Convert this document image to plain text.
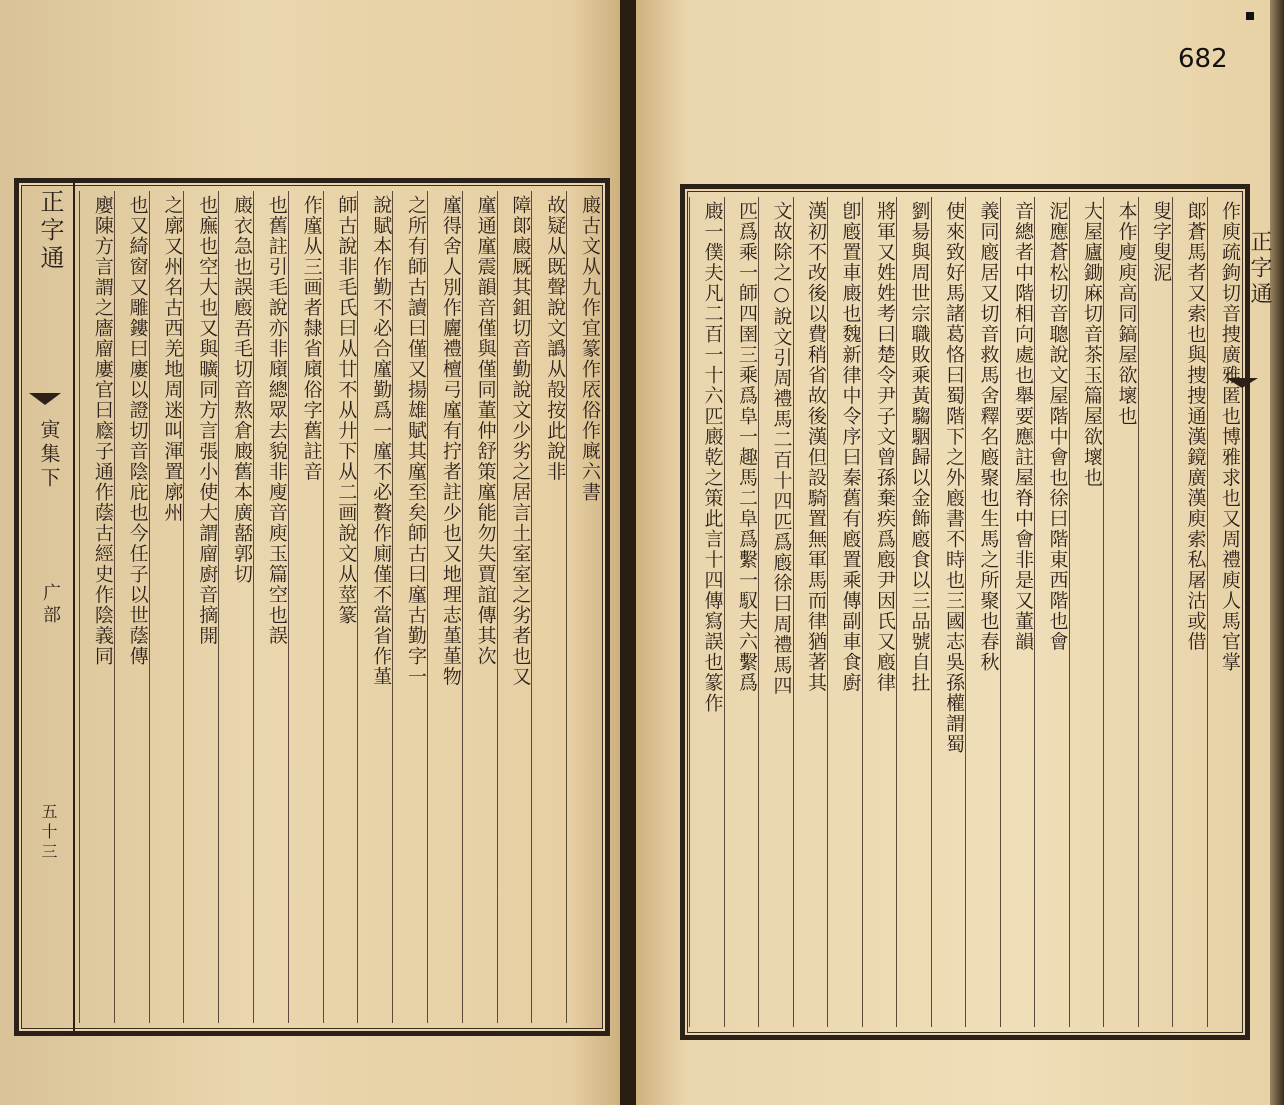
682
作庾疏鉤切音捜廣雅匿也博雅求也又周禮庾人馬官掌
郞蒼馬者又索也與捜捜通漢鏡廣漢庾索私屠沽或借
叟字叟泥
本作廋庾高同鎬屋欲壞也
大屋廬鋤麻切音茶玉篇屋欲壞也
泥應蒼松切音聰說文屋階中會也徐曰階東西階也會
音總者中階相向處也舉要應註屋脊中會非是又董韻
義同廏居又切音救馬舍釋名廏聚也生馬之所聚也春秋
使來致好馬諸葛恪曰蜀階下之外廏書不時也三國志吳孫權謂蜀
劉昜與周世宗職敗乘黃騶駰歸以金飾廏食以三品號自扗
將軍又姓姓考曰楚令尹子文曾孫棄疾爲廏尹因氏又廏律
卽廏置車廄也魏新律中令序曰秦舊有廏置乘傳副車食廚
漢初不改後以費稍省故後漢但設騎置無軍馬而律猶著其
文故除之○說文引周禮馬二百十四匹爲廏徐曰周禮馬四
匹爲乘一師四圉三乘爲阜一趣馬二阜爲繫一馭夫六繫爲
廄一僕夫凡二百一十六匹廄乾之策此言十四傳寫誤也篆作	正字通
廄古文从九作宜篆作㕈俗作廐六書
故疑从既聲說文譌从㱿按此說非
障郞廄厩其鉏切音勤說文少劣之居言土室室之劣者也又
廑通廑震韻音僅與僅同董仲舒策廑能勿失賈誼傳其次
廑得舍人別作廲禮檀弓廑有拧者註少也又地理志堇堇物
之所有師古讀曰僅又揚雄賦其廑至矣師古曰廑古勤字一
說賦本作勤不必合廑勤爲一廑不必贅作廁僅不當省作堇
師古說非毛氏曰从廿不从廾下从二画說文从莖篆
作廑从三画者隸省廎俗字舊註音
也舊註引毛說亦非廎總眾去貌非廋音庾玉篇空也誤
廄衣急也誤廏吾毛切音熬倉廄舊本廣嚭郭切
也廡也空大也又與曠同方言張小使大謂廇廚音摘開
之廓又州名古西羌地周迷叫渾置廓州
也又綺窗又雕鏤曰廔以證切音陰庇也今任子以世蔭傳
廮陳方言謂之廧廇廔官曰廕子通作蔭古經史作陰義同
正字通
寅集下
广部
五十三
